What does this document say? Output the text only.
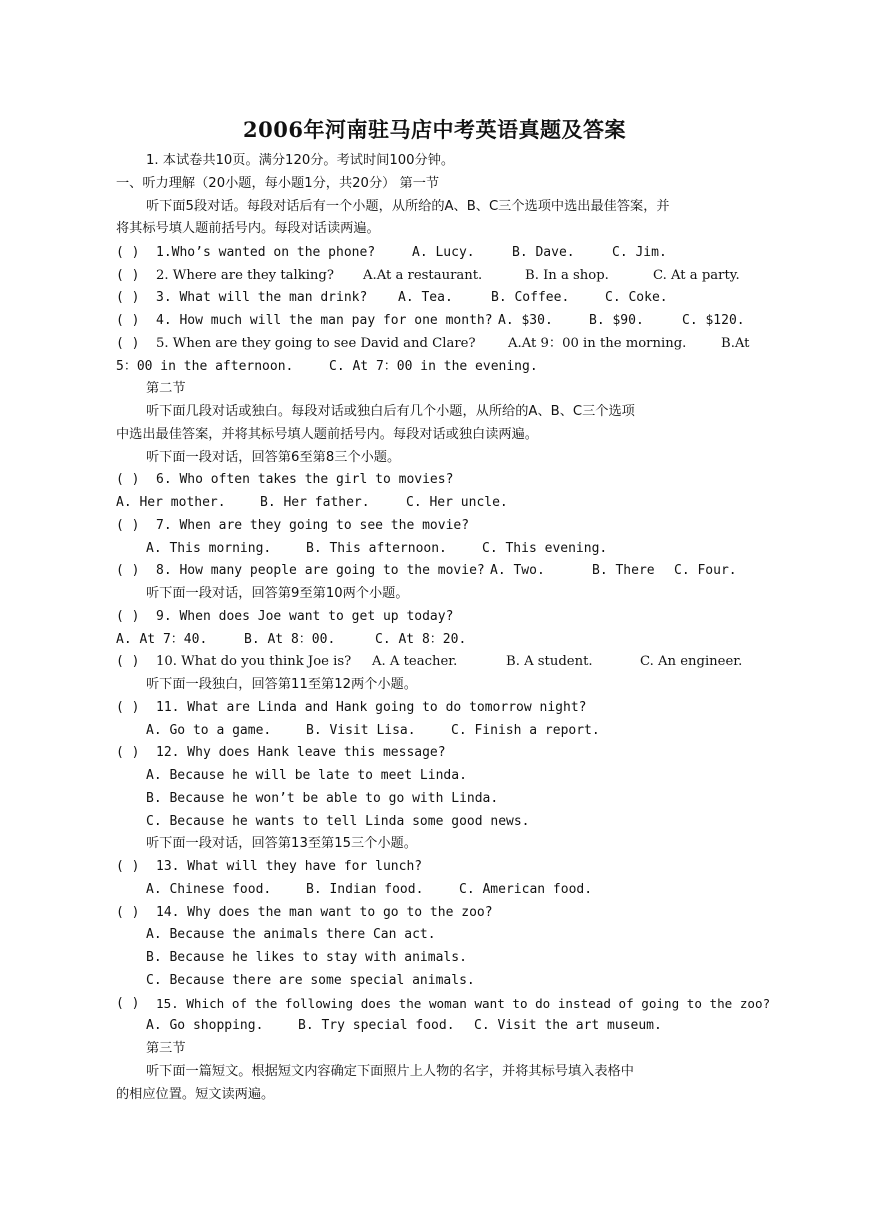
2006年河南驻马店中考英语真题及答案
1. 本试卷共10页。满分120分。考试时间100分钟。
一、听力理解（20小题，每小题1分，共20分） 第一节
听下面5段对话。每段对话后有一个小题，从所给的A、B、C三个选项中选出最佳答案，并
将其标号填人题前括号内。每段对话读两遍。
( ) 1.Who’s wanted on the phone?	A. Lucy.	B. Dave.	C. Jim.
( ) 2. Where are they talking? A.At a restaurant.	B. In a shop.	C. At a party.
( ) 3. What will the man drink? A. Tea.	B. Coffee.	C. Coke.
( ) 4. How much will the man pay for one month? A. $30.	B. $90.	C. $120.
( ) 5. When are they going to see David and Clare? A.At 9：00 in the morning.	B.At
5：00 in the afternoon.	C. At 7：00 in the evening.
第二节
听下面几段对话或独白。每段对话或独白后有几个小题，从所给的A、B、C三个选项
中选出最佳答案，并将其标号填人题前括号内。每段对话或独白读两遍。
听下面一段对话，回答第6至第8三个小题。
( ) 6. Who often takes the girl to movies?
A. Her mother.	B. Her father.	C. Her uncle.
( ) 7. When are they going to see the movie?
A. This morning.	B. This afternoon.	C. This evening.
( ) 8. How many people are going to the movie? A. Two.	B. There C. Four.
听下面一段对话，回答第9至第10两个小题。
( ) 9. When does Joe want to get up today?
A. At 7：40.	B. At 8：00.	C. At 8：20.
( ) 10. What do you think Joe is? A. A teacher.	B. A student.	C. An engineer.
听下面一段独白，回答第11至第12两个小题。
( ) 11. What are Linda and Hank going to do tomorrow night?
A. Go to a game.	B. Visit Lisa.	C. Finish a report.
( ) 12. Why does Hank leave this message?
A. Because he will be late to meet Linda.
B. Because he won’t be able to go with Linda.
C. Because he wants to tell Linda some good news.
听下面一段对话，回答第13至第15三个小题。
( ) 13. What will they have for lunch?
A. Chinese food.	B. Indian food.	C. American food.
( ) 14. Why does the man want to go to the zoo?
A. Because the animals there Can act.
B. Because he likes to stay with animals.
C. Because there are some special animals.
( ) 15. Which of the following does the woman want to do instead of going to the zoo?
A. Go shopping.	B. Try special food. C. Visit the art museum.
第三节
听下面一篇短文。根据短文内容确定下面照片上人物的名字，并将其标号填入表格中
的相应位置。短文读两遍。
